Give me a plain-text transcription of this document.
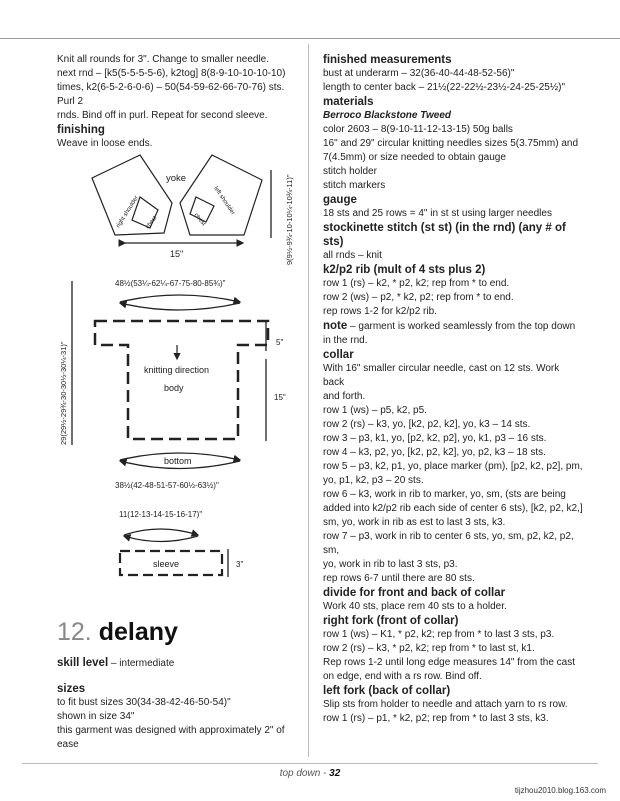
Knit all rounds for 3". Change to smaller needle.

next rnd – [k5(5-5-5-5-6), k2tog] 8(8-9-10-10-10-10)

times, k2(6-5-2-6-0-6) – 50(54-59-62-66-70-76) sts. Purl 2

rnds. Bind off in purl. Repeat for second sleeve.

finishing

Weave in loose ends.

yoke
right shoulder	left shoulder
chest	chest
15"	9(9½-9¾-10-10¼-10¾-11)"
48½(53¼-62¼-67-75-80-85¾)"
knitting direction
body
29(29½-29¾-30-30½-30¼-31)"	5"
15"
bottom
38½(42-48-51-57-60½-63½)"
11(12-13-14-15-16-17)"
sleeve	3"
12. delany

skill level – intermediate

sizes

to fit bust sizes 30(34-38-42-46-50-54)"

shown in size 34"

this garment was designed with approximately 2" of ease

finished measurements

bust at underarm – 32(36-40-44-48-52-56)"

length to center back – 21½(22-22½-23½-24-25-25½)"

materials

Berroco Blackstone Tweed

color 2603 – 8(9-10-11-12-13-15) 50g balls

16" and 29" circular knitting needles sizes 5(3.75mm) and

7(4.5mm) or size needed to obtain gauge

stitch holder

stitch markers

gauge

18 sts and 25 rows = 4" in st st using larger needles

stockinette stitch (st st) (in the rnd) (any # of sts)

all rnds – knit

k2/p2 rib (mult of 4 sts plus 2)

row 1 (rs) – k2, * p2, k2; rep from * to end.

row 2 (ws) – p2, * k2, p2; rep from * to end.

rep rows 1-2 for k2/p2 rib.

note – garment is worked seamlessly from the top down

in the rnd.

collar

With 16" smaller circular needle, cast on 12 sts. Work back

and forth.

row 1 (ws) – p5, k2, p5.

row 2 (rs) – k3, yo, [k2, p2, k2], yo, k3 – 14 sts.

row 3 – p3, k1, yo, [p2, k2, p2], yo, k1, p3 – 16 sts.

row 4 – k3, p2, yo, [k2, p2, k2], yo, p2, k3 – 18 sts.

row 5 – p3, k2, p1, yo, place marker (pm), [p2, k2, p2], pm,

yo, p1, k2, p3 – 20 sts.

row 6 – k3, work in rib to marker, yo, sm, (sts are being

added into k2/p2 rib each side of center 6 sts), [k2, p2, k2,]

sm, yo, work in rib as est to last 3 sts, k3.

row 7 – p3, work in rib to center 6 sts, yo, sm, p2, k2, p2, sm,

yo, work in rib to last 3 sts, p3.

rep rows 6-7 until there are 80 sts.

divide for front and back of collar

Work 40 sts, place rem 40 sts to a holder.

right fork (front of collar)

row 1 (ws) – K1, * p2, k2; rep from * to last 3 sts, p3.

row 2 (rs) – k3, * p2, k2; rep from * to last st, k1.

Rep rows 1-2 until long edge measures 14" from the cast

on edge, end with a rs row. Bind off.

left fork (back of collar)

Slip sts from holder to needle and attach yarn to rs row.

row 1 (rs) – p1, * k2, p2; rep from * to last 3 sts, k3.

top down - 32
tijzhou2010.blog.163.com
